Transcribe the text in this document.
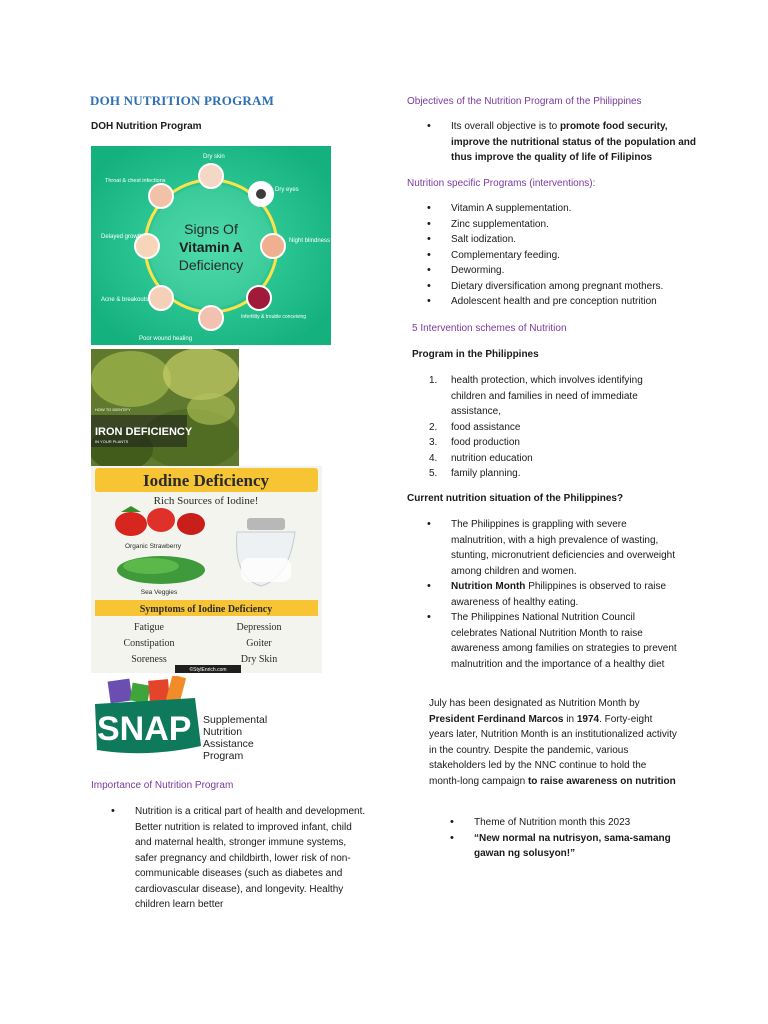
DOH NUTRITION PROGRAM
DOH Nutrition Program
Dry skin
Dry eyes
Night blindness
Infertility & trouble conceiving
Poor wound healing
Acne & breakouts
Delayed growth
Throat & chest infections
Signs Of
Vitamin A
Deficiency
HOW TO IDENTIFY
IRON DEFICIENCY
IN YOUR PLANTS
Iodine Deficiency
Rich Sources of Iodine!
Organic Strawberry
Sea Veggies
Symptoms of Iodine Deficiency
Fatigue	Depression
Constipation	Goiter
Soreness	Dry Skin
©StylEnrich.com
SNAP Supplemental
Nutrition
Assistance
Program
Importance of Nutrition Program
• Nutrition is a critical part of health and development. Better nutrition is related to improved infant, child and maternal health, stronger immune systems, safer pregnancy and childbirth, lower risk of non-communicable diseases (such as diabetes and cardiovascular disease), and longevity. Healthy children learn better
Objectives of the Nutrition Program of the Philippines
• Its overall objective is to promote food security, improve the nutritional status of the population and thus improve the quality of life of Filipinos
Nutrition specific Programs (interventions):
• Vitamin A supplementation.
• Zinc supplementation.
• Salt iodization.
• Complementary feeding.
• Deworming.
• Dietary diversification among pregnant mothers.
• Adolescent health and pre conception nutrition
5 Intervention schemes of Nutrition
Program in the Philippines
1. health protection, which involves identifying children and families in need of immediate assistance,
2. food assistance
3. food production
4. nutrition education
5. family planning.
Current nutrition situation of the Philippines?
• The Philippines is grappling with severe malnutrition, with a high prevalence of wasting, stunting, micronutrient deficiencies and overweight among children and women.
• Nutrition Month Philippines is observed to raise awareness of healthy eating.
• The Philippines National Nutrition Council celebrates National Nutrition Month to raise awareness among families on strategies to prevent malnutrition and the importance of a healthy diet
July has been designated as Nutrition Month by President Ferdinand Marcos in 1974. Forty-eight years later, Nutrition Month is an institutionalized activity in the country. Despite the pandemic, various stakeholders led by the NNC continue to hold the month-long campaign to raise awareness on nutrition
• Theme of Nutrition month this 2023
• “New normal na nutrisyon, sama-samang gawan ng solusyon!”
